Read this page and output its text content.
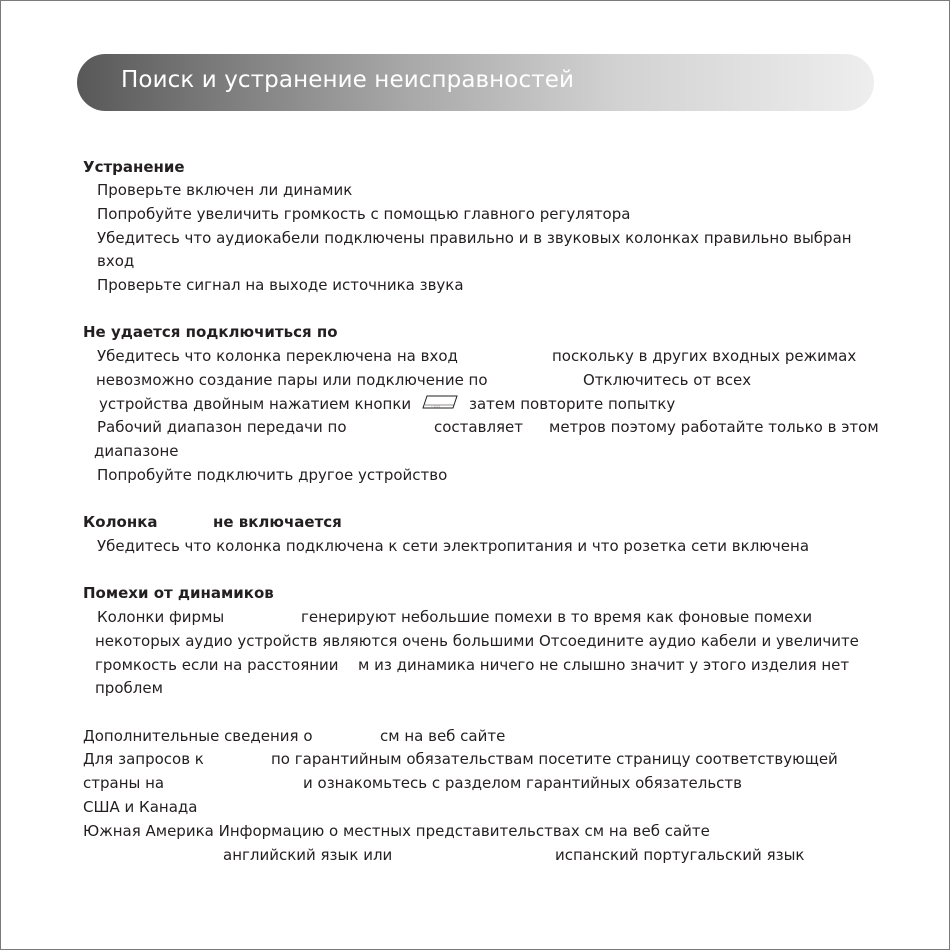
Поиск и устранение неисправностей
Устранение
Проверьте включен ли динамик
Попробуйте увеличить громкость с помощью главного регулятора
Убедитесь что аудиокабели подключены правильно и в звуковых колонках правильно выбран
вход
Проверьте сигнал на выходе источника звука
Не удается подключиться по
Убедитесь что колонка переключена на вход	поскольку в других входных режимах
невозможно создание пары или подключение по	Отключитесь от всех
устройства двойным нажатием кнопки	◦ ○ ○ затем повторите попытку
Рабочий диапазон передачи по	составляет метров поэтому работайте только в этом
диапазоне
Попробуйте подключить другое устройство
Колонка	не включается
Убедитесь что колонка подключена к сети электропитания и что розетка сети включена
Помехи от динамиков
Колонки фирмы	генерируют небольшие помехи в то время как фоновые помехи
некоторых аудио устройств являются очень большими Отсоедините аудио кабели и увеличите
громкость если на расстоянии м из динамика ничего не слышно значит у этого изделия нет
проблем
Дополнительные сведения о	см на веб сайте
Для запросов к	по гарантийным обязательствам посетите страницу соответствующей
страны на	и ознакомьтесь с разделом гарантийных обязательств
США и Канада
Южная Америка Информацию о местных представительствах см на веб сайте
английский язык или	испанский португальский язык
